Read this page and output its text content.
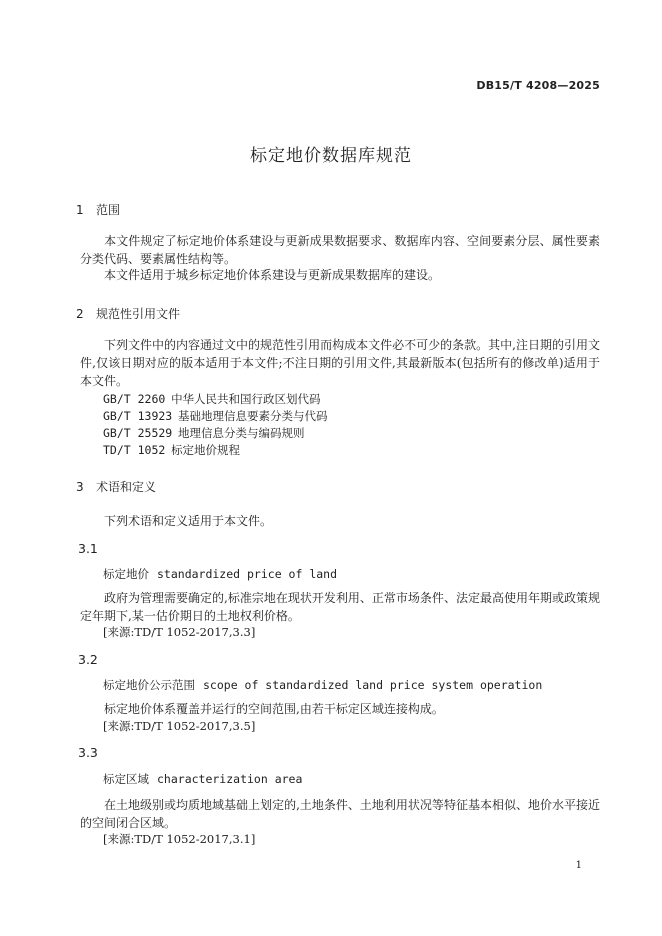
DB15/T 4208—2025
标定地价数据库规范
1 范围
本文件规定了标定地价体系建设与更新成果数据要求、数据库内容、空间要素分层、属性要素分类代码、要素属性结构等。
本文件适用于城乡标定地价体系建设与更新成果数据库的建设。
2 规范性引用文件
下列文件中的内容通过文中的规范性引用而构成本文件必不可少的条款。其中,注日期的引用文件,仅该日期对应的版本适用于本文件;不注日期的引用文件,其最新版本(包括所有的修改单)适用于本文件。
GB/T 2260 中华人民共和国行政区划代码
GB/T 13923 基础地理信息要素分类与代码
GB/T 25529 地理信息分类与编码规则
TD/T 1052 标定地价规程
3 术语和定义
下列术语和定义适用于本文件。
3.1
标定地价 standardized price of land
政府为管理需要确定的,标准宗地在现状开发利用、正常市场条件、法定最高使用年期或政策规定年期下,某一估价期日的土地权利价格。
[来源:TD/T 1052-2017,3.3]
3.2
标定地价公示范围 scope of standardized land price system operation
标定地价体系覆盖并运行的空间范围,由若干标定区域连接构成。
[来源:TD/T 1052-2017,3.5]
3.3
标定区域 characterization area
在土地级别或均质地域基础上划定的,土地条件、土地利用状况等特征基本相似、地价水平接近的空间闭合区域。
[来源:TD/T 1052-2017,3.1]
1
